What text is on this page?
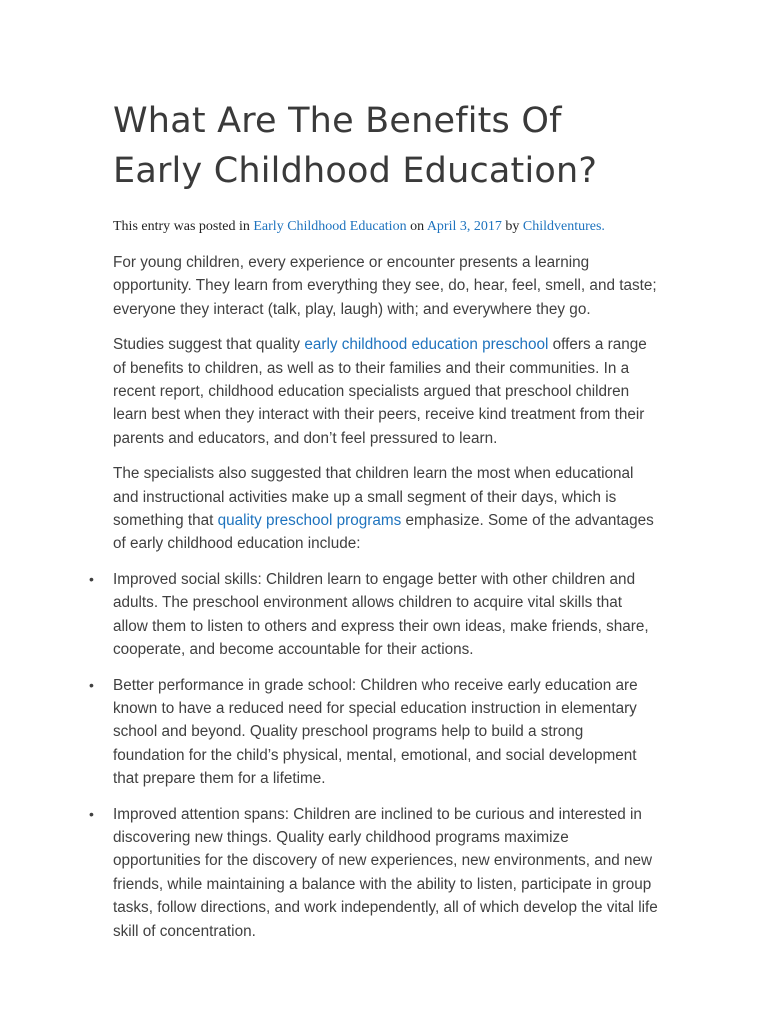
What Are The Benefits Of Early Childhood Education?
This entry was posted in Early Childhood Education on April 3, 2017 by Childventures.

For young children, every experience or encounter presents a learning opportunity. They learn from everything they see, do, hear, feel, smell, and taste; everyone they interact (talk, play, laugh) with; and everywhere they go.

Studies suggest that quality early childhood education preschool offers a range of benefits to children, as well as to their families and their communities. In a recent report, childhood education specialists argued that preschool children learn best when they interact with their peers, receive kind treatment from their parents and educators, and don’t feel pressured to learn.

The specialists also suggested that children learn the most when educational and instructional activities make up a small segment of their days, which is something that quality preschool programs emphasize. Some of the advantages of early childhood education include:

• Improved social skills: Children learn to engage better with other children and adults. The preschool environment allows children to acquire vital skills that allow them to listen to others and express their own ideas, make friends, share, cooperate, and become accountable for their actions.
• Better performance in grade school: Children who receive early education are known to have a reduced need for special education instruction in elementary school and beyond. Quality preschool programs help to build a strong foundation for the child’s physical, mental, emotional, and social development that prepare them for a lifetime.
• Improved attention spans: Children are inclined to be curious and interested in discovering new things. Quality early childhood programs maximize opportunities for the discovery of new experiences, new environments, and new friends, while maintaining a balance with the ability to listen, participate in group tasks, follow directions, and work independently, all of which develop the vital life skill of concentration.
